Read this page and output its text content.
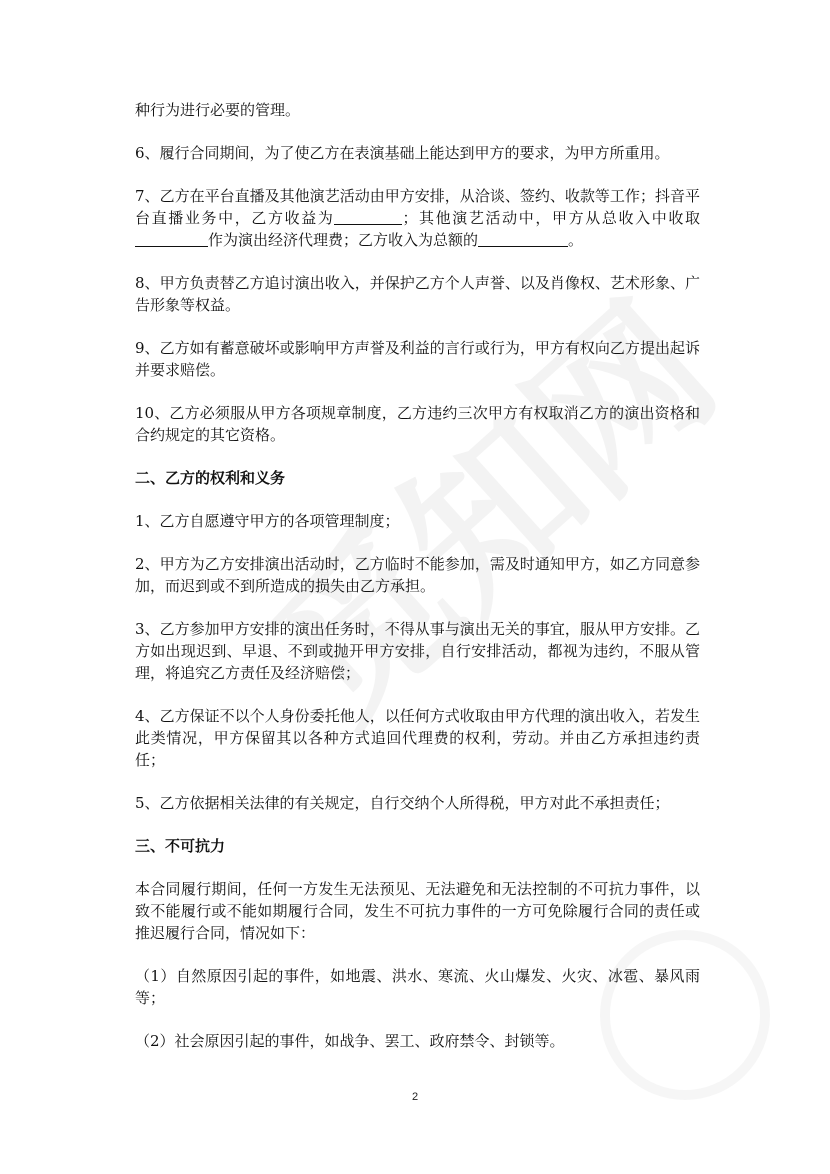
种行为进行必要的管理。

6、履行合同期间，为了使乙方在表演基础上能达到甲方的要求，为甲方所重用。

7、乙方在平台直播及其他演艺活动由甲方安排，从洽谈、签约、收款等工作；抖音平台直播业务中，乙方收益为	；其他演艺活动中，甲方从总收入中收取作为演出经济代理费；乙方收入为总额的	。

8、甲方负责替乙方追讨演出收入，并保护乙方个人声誉、以及肖像权、艺术形象、广告形象等权益。

9、乙方如有蓄意破坏或影响甲方声誉及利益的言行或行为，甲方有权向乙方提出起诉并要求赔偿。

10、乙方必须服从甲方各项规章制度，乙方违约三次甲方有权取消乙方的演出资格和合约规定的其它资格。

二、乙方的权利和义务

1、乙方自愿遵守甲方的各项管理制度；

2、甲方为乙方安排演出活动时，乙方临时不能参加，需及时通知甲方，如乙方同意参加，而迟到或不到所造成的损失由乙方承担。

3、乙方参加甲方安排的演出任务时，不得从事与演出无关的事宜，服从甲方安排。乙方如出现迟到、早退、不到或抛开甲方安排，自行安排活动，都视为违约，不服从管理，将追究乙方责任及经济赔偿；

4、乙方保证不以个人身份委托他人，以任何方式收取由甲方代理的演出收入，若发生此类情况，甲方保留其以各种方式追回代理费的权利，劳动。并由乙方承担违约责任；

5、乙方依据相关法律的有关规定，自行交纳个人所得税，甲方对此不承担责任；

三、不可抗力

本合同履行期间，任何一方发生无法预见、无法避免和无法控制的不可抗力事件，以致不能履行或不能如期履行合同，发生不可抗力事件的一方可免除履行合同的责任或推迟履行合同，情况如下：

（1）自然原因引起的事件，如地震、洪水、寒流、火山爆发、火灾、冰雹、暴风雨等；

（2）社会原因引起的事件，如战争、罢工、政府禁令、封锁等。

2
